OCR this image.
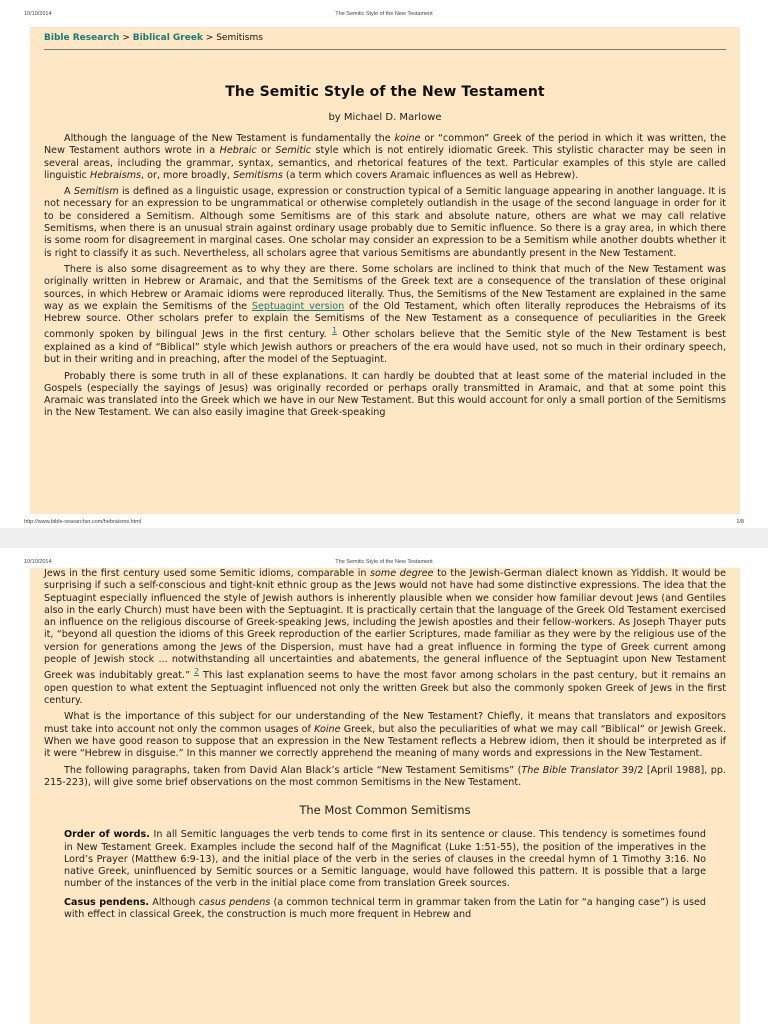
10/10/2014	The Semitic Style of the New Testament
Bible Research > Biblical Greek > Semitisms
The Semitic Style of the New Testament
by Michael D. Marlowe

Although the language of the New Testament is fundamentally the koine or “common” Greek of the period in which it was written, the New Testament authors wrote in a Hebraic or Semitic style which is not entirely idiomatic Greek. This stylistic character may be seen in several areas, including the grammar, syntax, semantics, and rhetorical features of the text. Particular examples of this style are called linguistic Hebraisms, or, more broadly, Semitisms (a term which covers Aramaic influences as well as Hebrew).

A Semitism is defined as a linguistic usage, expression or construction typical of a Semitic language appearing in another language. It is not necessary for an expression to be ungrammatical or otherwise completely outlandish in the usage of the second language in order for it to be considered a Semitism. Although some Semitisms are of this stark and absolute nature, others are what we may call relative Semitisms, when there is an unusual strain against ordinary usage probably due to Semitic influence. So there is a gray area, in which there is some room for disagreement in marginal cases. One scholar may consider an expression to be a Semitism while another doubts whether it is right to classify it as such. Nevertheless, all scholars agree that various Semitisms are abundantly present in the New Testament.

There is also some disagreement as to why they are there. Some scholars are inclined to think that much of the New Testament was originally written in Hebrew or Aramaic, and that the Semitisms of the Greek text are a consequence of the translation of these original sources, in which Hebrew or Aramaic idioms were reproduced literally. Thus, the Semitisms of the New Testament are explained in the same way as we explain the Semitisms of the Septuagint version of the Old Testament, which often literally reproduces the Hebraisms of its Hebrew source. Other scholars prefer to explain the Semitisms of the New Testament as a consequence of peculiarities in the Greek commonly spoken by bilingual Jews in the first century. $^1$ Other scholars believe that the Semitic style of the New Testament is best explained as a kind of “Biblical” style which Jewish authors or preachers of the era would have used, not so much in their ordinary speech, but in their writing and in preaching, after the model of the Septuagint.

Probably there is some truth in all of these explanations. It can hardly be doubted that at least some of the material included in the Gospels (especially the sayings of Jesus) was originally recorded or perhaps orally transmitted in Aramaic, and that at some point this Aramaic was translated into the Greek which we have in our New Testament. But this would account for only a small portion of the Semitisms in the New Testament. We can also easily imagine that Greek-speaking

http://www.bible-researcher.com/hebraisms.html	1/8
10/10/2014	The Semitic Style of the New Testament

Jews in the first century used some Semitic idioms, comparable in some degree to the Jewish-German dialect known as Yiddish. It would be surprising if such a self-conscious and tight-knit ethnic group as the Jews would not have had some distinctive expressions. The idea that the Septuagint especially influenced the style of Jewish authors is inherently plausible when we consider how familiar devout Jews (and Gentiles also in the early Church) must have been with the Septuagint. It is practically certain that the language of the Greek Old Testament exercised an influence on the religious discourse of Greek-speaking Jews, including the Jewish apostles and their fellow-workers. As Joseph Thayer puts it, “beyond all question the idioms of this Greek reproduction of the earlier Scriptures, made familiar as they were by the religious use of the version for generations among the Jews of the Dispersion, must have had a great influence in forming the type of Greek current among people of Jewish stock ... notwithstanding all uncertainties and abatements, the general influence of the Septuagint upon New Testament Greek was indubitably great.” $^2$ This last explanation seems to have the most favor among scholars in the past century, but it remains an open question to what extent the Septuagint influenced not only the written Greek but also the commonly spoken Greek of Jews in the first century.

What is the importance of this subject for our understanding of the New Testament? Chiefly, it means that translators and expositors must take into account not only the common usages of Koine Greek, but also the peculiarities of what we may call “Biblical” or Jewish Greek. When we have good reason to suppose that an expression in the New Testament reflects a Hebrew idiom, then it should be interpreted as if it were “Hebrew in disguise.” In this manner we correctly apprehend the meaning of many words and expressions in the New Testament.

The following paragraphs, taken from David Alan Black’s article “New Testament Semitisms” (The Bible Translator 39/2 [April 1988], pp. 215-223), will give some brief observations on the most common Semitisms in the New Testament.

The Most Common Semitisms
Order of words. In all Semitic languages the verb tends to come first in its sentence or clause. This tendency is sometimes found in New Testament Greek. Examples include the second half of the Magnificat (Luke 1:51-55), the position of the imperatives in the Lord’s Prayer (Matthew 6:9-13), and the initial place of the verb in the series of clauses in the creedal hymn of 1 Timothy 3:16. No native Greek, uninfluenced by Semitic sources or a Semitic language, would have followed this pattern. It is possible that a large number of the instances of the verb in the initial place come from translation Greek sources.
Casus pendens. Although casus pendens (a common technical term in grammar taken from the Latin for “a hanging case”) is used with effect in classical Greek, the construction is much more frequent in Hebrew and
